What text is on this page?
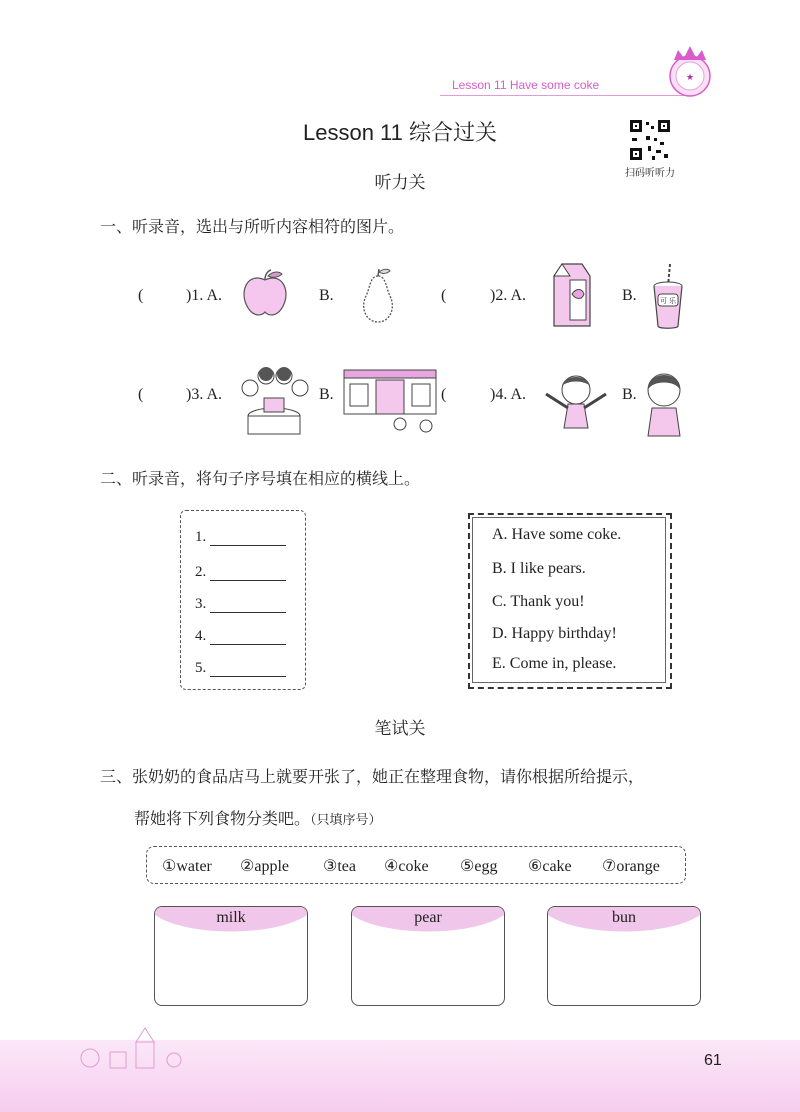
Lesson 11 Have some coke	★
Lesson 11 综合过关
扫码听听力
听力关
一、听录音，选出与所听内容相符的图片。
(	)1. A.	B.	(	)2. A.	B.	可 乐
(	)3. A.	B.	(	)4. A.	B.
二、听录音，将句子序号填在相应的横线上。
1.
2.
3.
4.
5.
A. Have some coke.
B. I like pears.
C. Thank you!
D. Happy birthday!
E. Come in, please.
笔试关
三、张奶奶的食品店马上就要开张了，她正在整理食物，请你根据所给提示，
帮她将下列食物分类吧。（只填序号）
①water ②apple ③tea ④coke ⑤egg ⑥cake ⑦orange
milk	pear	bun
61
